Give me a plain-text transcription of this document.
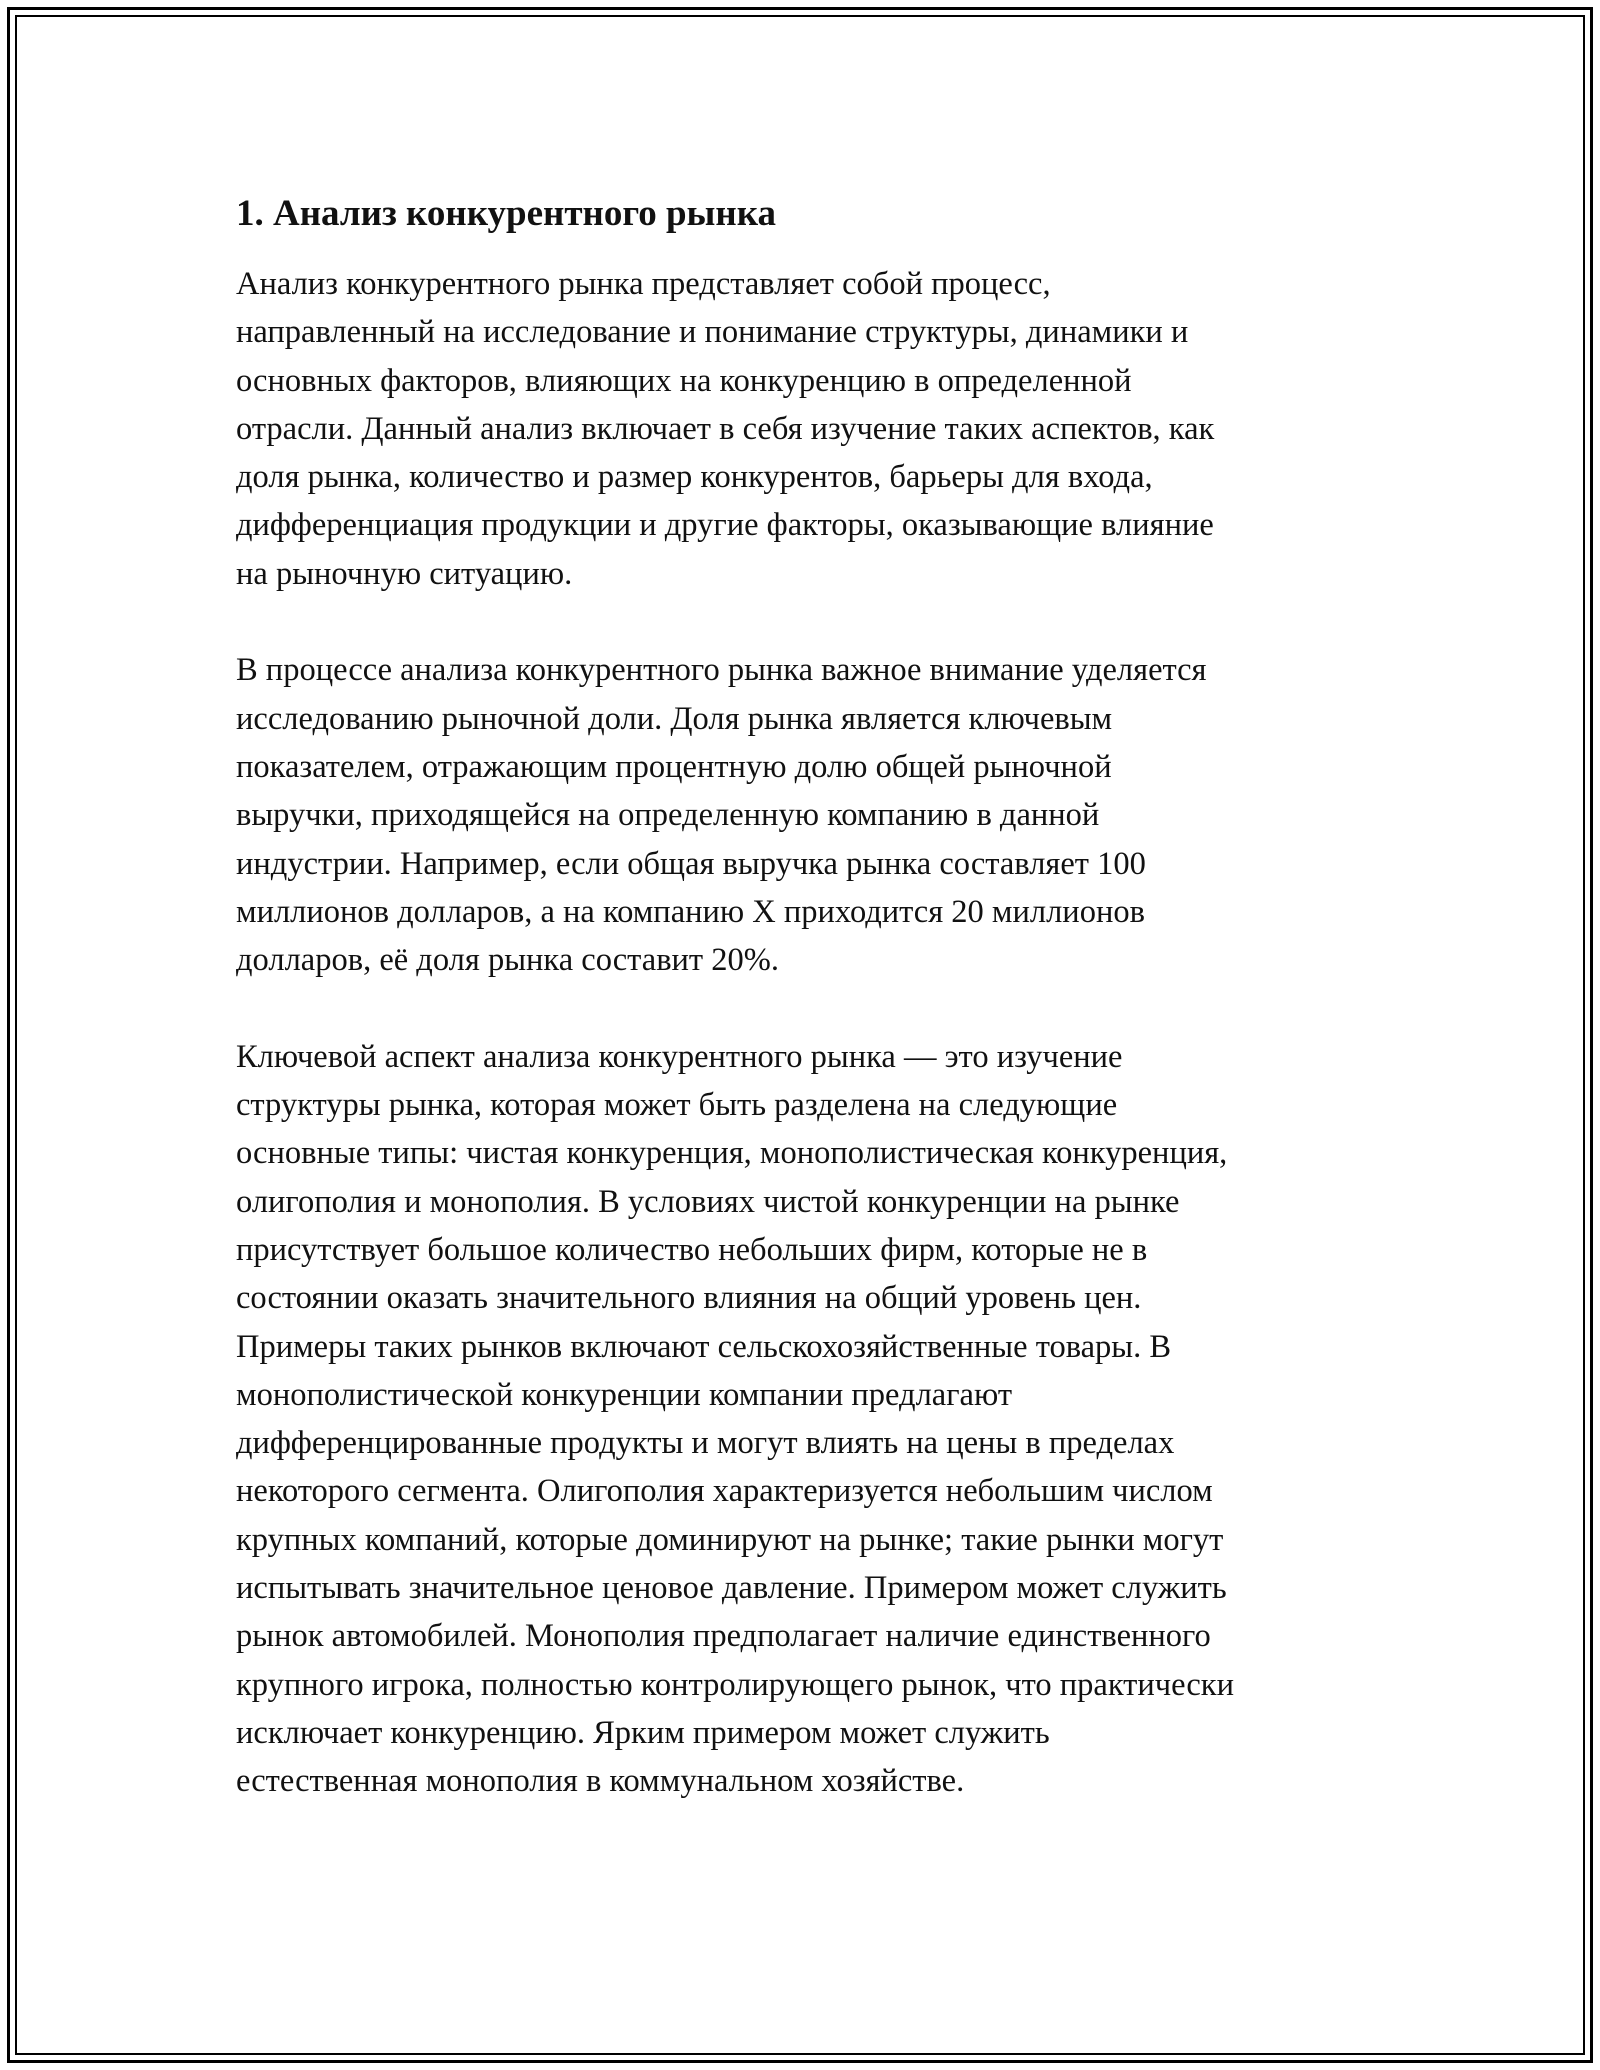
1. Анализ конкурентного рынка

Анализ конкурентного рынка представляет собой процесс,
направленный на исследование и понимание структуры, динамики и
основных факторов, влияющих на конкуренцию в определенной
отрасли. Данный анализ включает в себя изучение таких аспектов, как
доля рынка, количество и размер конкурентов, барьеры для входа,
дифференциация продукции и другие факторы, оказывающие влияние
на рыночную ситуацию.

В процессе анализа конкурентного рынка важное внимание уделяется
исследованию рыночной доли. Доля рынка является ключевым
показателем, отражающим процентную долю общей рыночной
выручки, приходящейся на определенную компанию в данной
индустрии. Например, если общая выручка рынка составляет 100
миллионов долларов, а на компанию X приходится 20 миллионов
долларов, её доля рынка составит 20%.

Ключевой аспект анализа конкурентного рынка — это изучение
структуры рынка, которая может быть разделена на следующие
основные типы: чистая конкуренция, монополистическая конкуренция,
олигополия и монополия. В условиях чистой конкуренции на рынке
присутствует большое количество небольших фирм, которые не в
состоянии оказать значительного влияния на общий уровень цен.
Примеры таких рынков включают сельскохозяйственные товары. В
монополистической конкуренции компании предлагают
дифференцированные продукты и могут влиять на цены в пределах
некоторого сегмента. Олигополия характеризуется небольшим числом
крупных компаний, которые доминируют на рынке; такие рынки могут
испытывать значительное ценовое давление. Примером может служить
рынок автомобилей. Монополия предполагает наличие единственного
крупного игрока, полностью контролирующего рынок, что практически
исключает конкуренцию. Ярким примером может служить
естественная монополия в коммунальном хозяйстве.
